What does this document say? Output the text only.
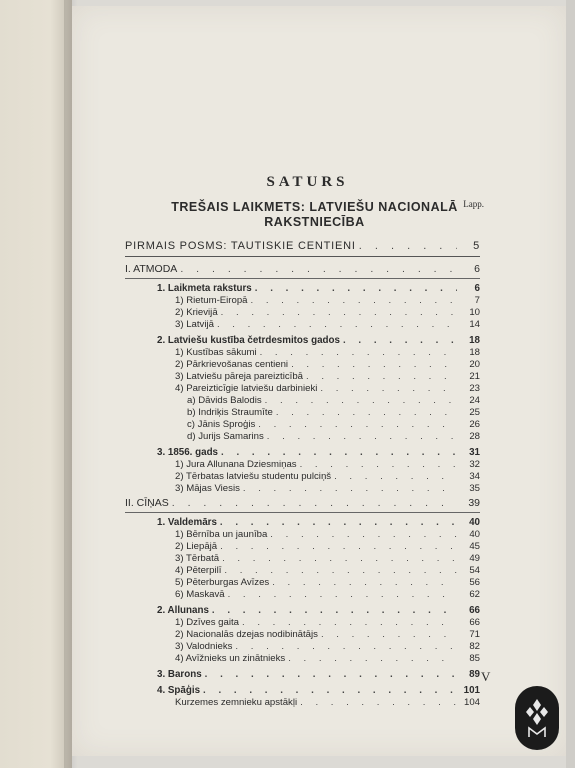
SATURS
Lapp.
TREŠAIS LAIKMETS: LATVIEŠU NACIONALĀ
RAKSTNIECĪBA
PIRMAIS POSMS: TAUTISKIE CENTIENI . . .	5
I. ATMODA . . .	6
1. Laikmeta raksturs . . .	6
1) Rietum-Eiropā . . .	7
2) Krievijā . . .	10
3) Latvijā . . .	14
2. Latviešu kustība četrdesmitos gados . . .	18
1) Kustības sākumi . . .	18
2) Pārkrievošanas centieni . . .	20
3) Latviešu pāreja pareizticībā . . .	21
4) Pareizticīgie latviešu darbinieki . . .	23
a) Dāvids Balodis . . .	24
b) Indriķis Straumīte . . .	25
c) Jānis Sproģis . . .	26
d) Jurijs Samarins . . .	28
3. 1856. gads . . .	31
1) Jura Allunana Dziesmiņas . . .	32
2) Tērbatas latviešu studentu pulciņš . . .	34
3) Mājas Viesis . . .	35
II. CĪŅAS . . .	39
1. Valdemārs . . .	40
1) Bērnība un jaunība . . .	40
2) Liepājā . . .	45
3) Tērbatā . . .	49
4) Pēterpilī . . .	54
5) Pēterburgas Avīzes . . .	56
6) Maskavā . . .	62
2. Allunans . . .	66
1) Dzīves gaita . . .	66
2) Nacionalās dzejas nodibinātājs . . .	71
3) Valodnieks . . .	82
4) Avīžnieks un zinātnieks . . .	85
3. Barons . . .	89
4. Spāģis . . .	101
Kurzemes zemnieku apstākļi . . .	104
V
